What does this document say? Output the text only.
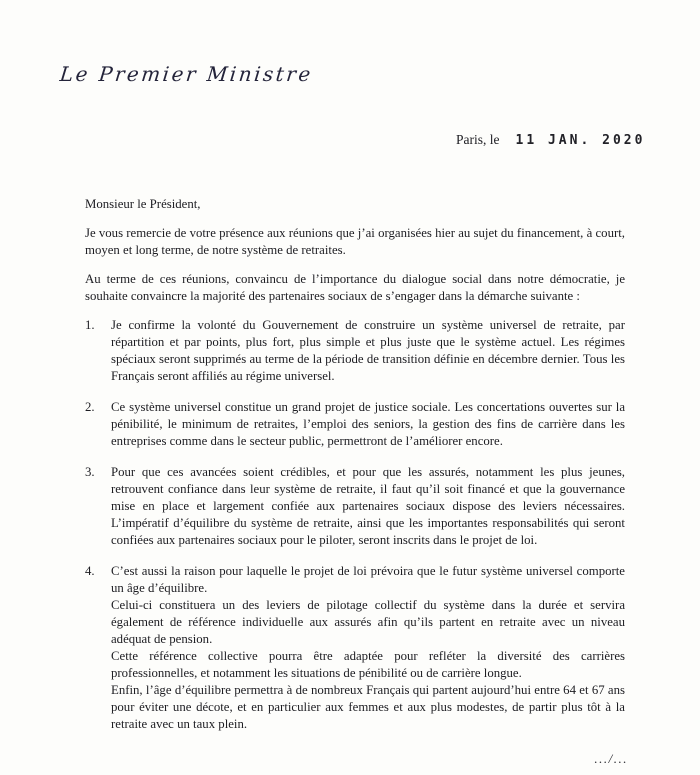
Le Premier Ministre
Paris, le 11 JAN. 2020

Monsieur le Président,

Je vous remercie de votre présence aux réunions que j’ai organisées hier au sujet du financement, à court, moyen et long terme, de notre système de retraites.

Au terme de ces réunions, convaincu de l’importance du dialogue social dans notre démocratie, je souhaite convaincre la majorité des partenaires sociaux de s’engager dans la démarche suivante :

1.	Je confirme la volonté du Gouvernement de construire un système universel de retraite, par répartition et par points, plus fort, plus simple et plus juste que le système actuel. Les régimes spéciaux seront supprimés au terme de la période de transition définie en décembre dernier. Tous les Français seront affiliés au régime universel.

2.	Ce système universel constitue un grand projet de justice sociale. Les concertations ouvertes sur la pénibilité, le minimum de retraites, l’emploi des seniors, la gestion des fins de carrière dans les entreprises comme dans le secteur public, permettront de l’améliorer encore.

3.	Pour que ces avancées soient crédibles, et pour que les assurés, notamment les plus jeunes, retrouvent confiance dans leur système de retraite, il faut qu’il soit financé et que la gouvernance mise en place et largement confiée aux partenaires sociaux dispose des leviers nécessaires. L’impératif d’équilibre du système de retraite, ainsi que les importantes responsabilités qui seront confiées aux partenaires sociaux pour le piloter, seront inscrits dans le projet de loi.

4.	C’est aussi la raison pour laquelle le projet de loi prévoira que le futur système universel comporte un âge d’équilibre.

Celui-ci constituera un des leviers de pilotage collectif du système dans la durée et servira également de référence individuelle aux assurés afin qu’ils partent en retraite avec un niveau adéquat de pension.

Cette référence collective pourra être adaptée pour refléter la diversité des carrières professionnelles, et notamment les situations de pénibilité ou de carrière longue.

Enfin, l’âge d’équilibre permettra à de nombreux Français qui partent aujourd’hui entre 64 et 67 ans pour éviter une décote, et en particulier aux femmes et aux plus modestes, de partir plus tôt à la retraite avec un taux plein.

.../...
